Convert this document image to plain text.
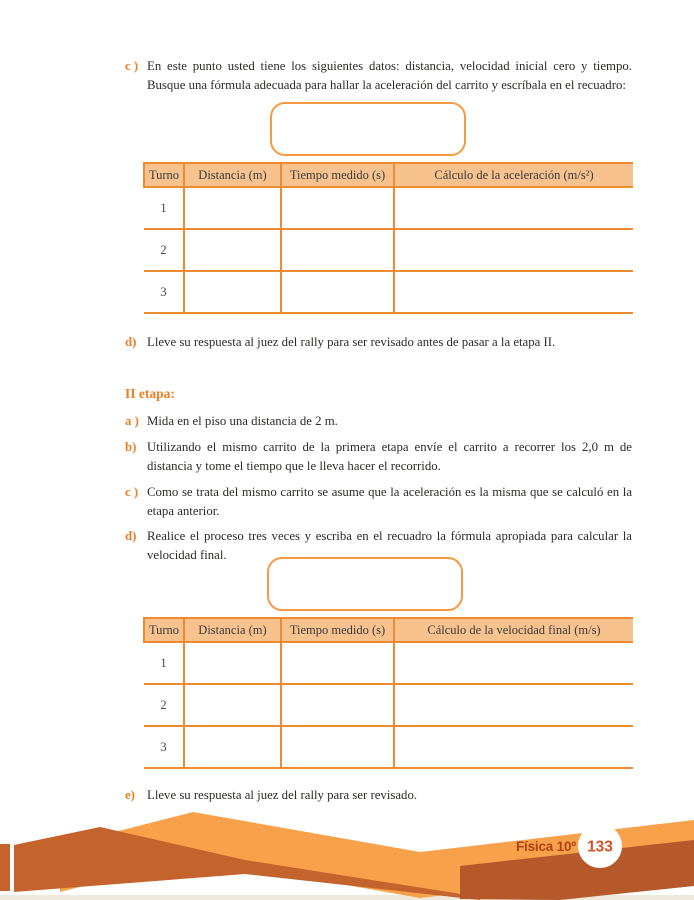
c ) En este punto usted tiene los siguientes datos: distancia, velocidad inicial cero y tiempo. Busque una fórmula adecuada para hallar la aceleración del carrito y escríbala en el recuadro:
Turno	Distancia (m)	Tiempo medido (s)	Cálculo de la aceleración (m/s²)
1			
2			
3			
d) Lleve su respuesta al juez del rally para ser revisado antes de pasar a la etapa II.
II etapa:
a ) Mida en el piso una distancia de 2 m.
b) Utilizando el mismo carrito de la primera etapa envíe el carrito a recorrer los 2,0 m de distancia y tome el tiempo que le lleva hacer el recorrido.
c ) Como se trata del mismo carrito se asume que la aceleración es la misma que se calculó en la etapa anterior.
d) Realice el proceso tres veces y escriba en el recuadro la fórmula apropiada para calcular la velocidad final.
Turno	Distancia (m)	Tiempo medido (s)	Cálculo de la velocidad final (m/s)
1			
2			
3			
e) Lleve su respuesta al juez del rally para ser revisado.
Física 10º 133
